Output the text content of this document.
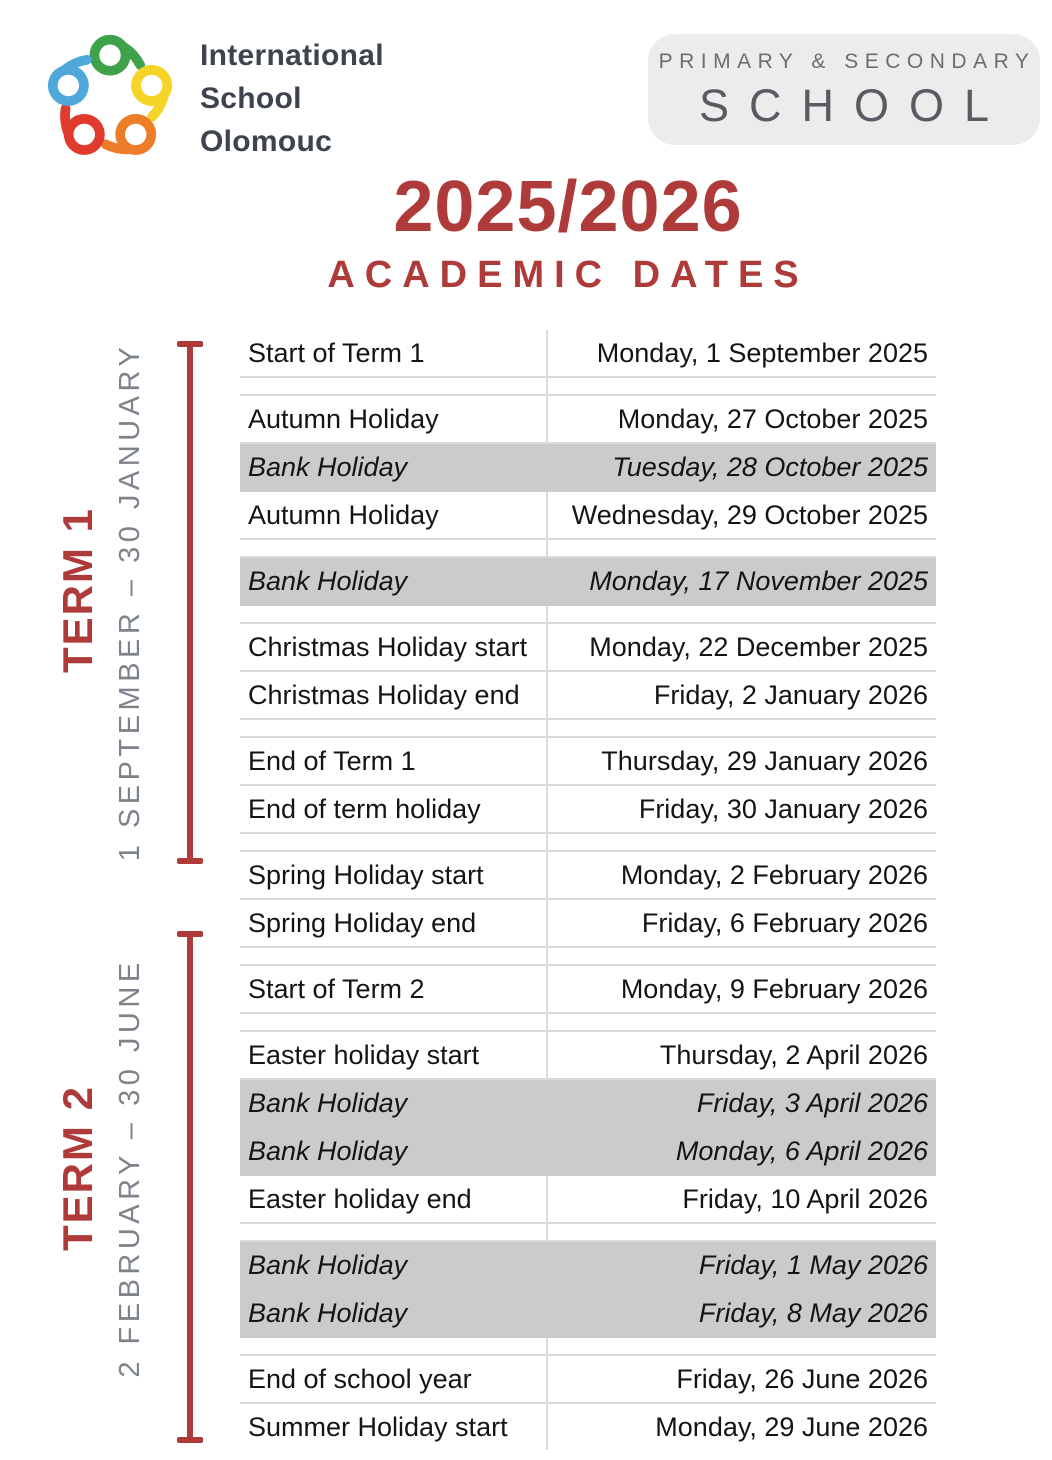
International
School
Olomouc
PRIMARY & SECONDARY
SCHOOL
2025/2026
ACADEMIC DATES
TERM 1 1 SEPTEMBER – 30 JANUARY
TERM 2 2 FEBRUARY – 30 JUNE
Start of Term 1	Monday, 1 September 2025
Autumn Holiday	Monday, 27 October 2025
Bank Holiday	Tuesday, 28 October 2025
Autumn Holiday	Wednesday, 29 October 2025
Bank Holiday	Monday, 17 November 2025
Christmas Holiday start	Monday, 22 December 2025
Christmas Holiday end	Friday, 2 January 2026
End of Term 1	Thursday, 29 January 2026
End of term holiday	Friday, 30 January 2026
Spring Holiday start	Monday, 2 February 2026
Spring Holiday end	Friday, 6 February 2026
Start of Term 2	Monday, 9 February 2026
Easter holiday start	Thursday, 2 April 2026
Bank Holiday	Friday, 3 April 2026
Bank Holiday	Monday, 6 April 2026
Easter holiday end	Friday, 10 April 2026
Bank Holiday	Friday, 1 May 2026
Bank Holiday	Friday, 8 May 2026
End of school year	Friday, 26 June 2026
Summer Holiday start	Monday, 29 June 2026
